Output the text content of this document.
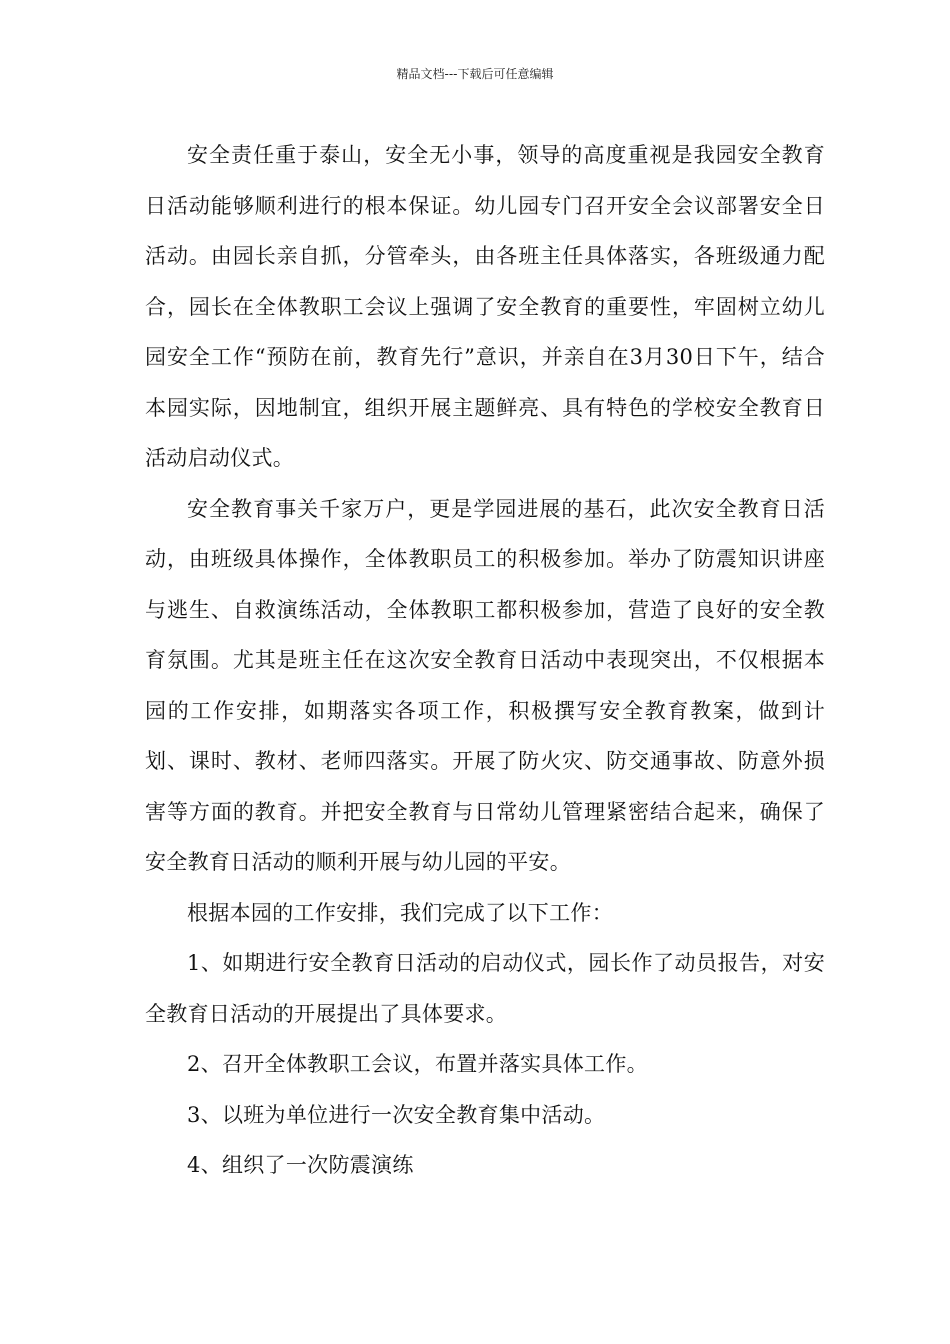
精品文档---下载后可任意编辑

安全责任重于泰山，安全无小事，领导的高度重视是我园安全教育日活动能够顺利进行的根本保证。幼儿园专门召开安全会议部署安全日活动。由园长亲自抓，分管牵头，由各班主任具体落实，各班级通力配合，园长在全体教职工会议上强调了安全教育的重要性，牢固树立幼儿园安全工作“预防在前，教育先行”意识，并亲自在3月30日下午，结合本园实际，因地制宜，组织开展主题鲜亮、具有特色的学校安全教育日活动启动仪式。

安全教育事关千家万户，更是学园进展的基石，此次安全教育日活动，由班级具体操作，全体教职员工的积极参加。举办了防震知识讲座与逃生、自救演练活动，全体教职工都积极参加，营造了良好的安全教育氛围。尤其是班主任在这次安全教育日活动中表现突出，不仅根据本园的工作安排，如期落实各项工作，积极撰写安全教育教案，做到计划、课时、教材、老师四落实。开展了防火灾、防交通事故、防意外损害等方面的教育。并把安全教育与日常幼儿管理紧密结合起来，确保了安全教育日活动的顺利开展与幼儿园的平安。

根据本园的工作安排，我们完成了以下工作：

1、如期进行安全教育日活动的启动仪式，园长作了动员报告，对安全教育日活动的开展提出了具体要求。

2、召开全体教职工会议，布置并落实具体工作。

3、以班为单位进行一次安全教育集中活动。

4、组织了一次防震演练
